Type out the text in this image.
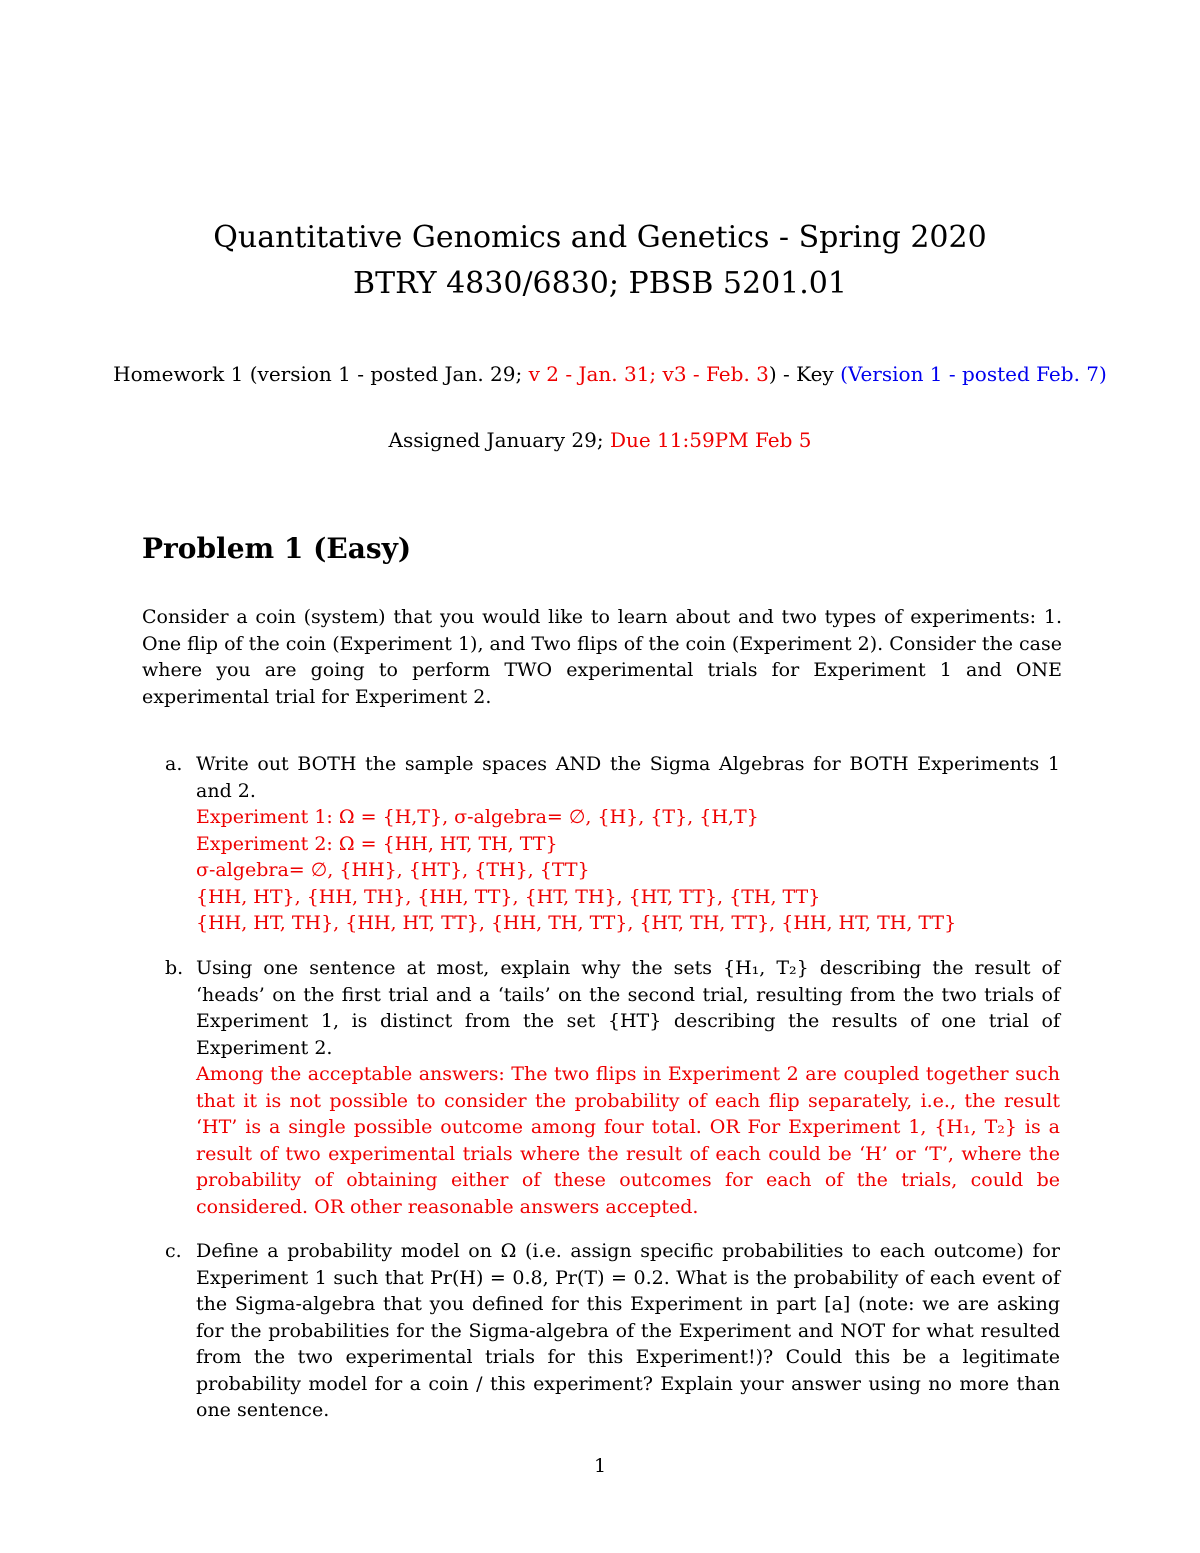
Quantitative Genomics and Genetics - Spring 2020
BTRY 4830/6830; PBSB 5201.01
Homework 1 (version 1 - posted Jan. 29; v 2 - Jan. 31; v3 - Feb. 3) - Key (Version 1 - posted Feb. 7)
Assigned January 29; Due 11:59PM Feb 5
Problem 1 (Easy)
Consider a coin (system) that you would like to learn about and two types of experiments: 1. One flip of the coin (Experiment 1), and Two flips of the coin (Experiment 2). Consider the case where you are going to perform TWO experimental trials for Experiment 1 and ONE experimental trial for Experiment 2.
a. Write out BOTH the sample spaces AND the Sigma Algebras for BOTH Experiments 1 and 2.
Experiment 1: Ω = {H,T}, σ-algebra= ∅, {H}, {T}, {H,T}
Experiment 2: Ω = {HH, HT, TH, TT}
σ-algebra= ∅, {HH}, {HT}, {TH}, {TT}
{HH, HT}, {HH, TH}, {HH, TT}, {HT, TH}, {HT, TT}, {TH, TT}
{HH, HT, TH}, {HH, HT, TT}, {HH, TH, TT}, {HT, TH, TT}, {HH, HT, TH, TT}
b. Using one sentence at most, explain why the sets {H₁, T₂} describing the result of ‘heads’ on the first trial and a ‘tails’ on the second trial, resulting from the two trials of Experiment 1, is distinct from the set {HT} describing the results of one trial of Experiment 2.
Among the acceptable answers: The two flips in Experiment 2 are coupled together such that it is not possible to consider the probability of each flip separately, i.e., the result ‘HT’ is a single possible outcome among four total. OR For Experiment 1, {H₁, T₂} is a result of two experimental trials where the result of each could be ‘H’ or ‘T’, where the probability of obtaining either of these outcomes for each of the trials, could be considered. OR other reasonable answers accepted.
c. Define a probability model on Ω (i.e. assign specific probabilities to each outcome) for Experiment 1 such that Pr(H) = 0.8, Pr(T) = 0.2. What is the probability of each event of the Sigma-algebra that you defined for this Experiment in part [a] (note: we are asking for the probabilities for the Sigma-algebra of the Experiment and NOT for what resulted from the two experimental trials for this Experiment!)? Could this be a legitimate probability model for a coin / this experiment? Explain your answer using no more than one sentence.
1
